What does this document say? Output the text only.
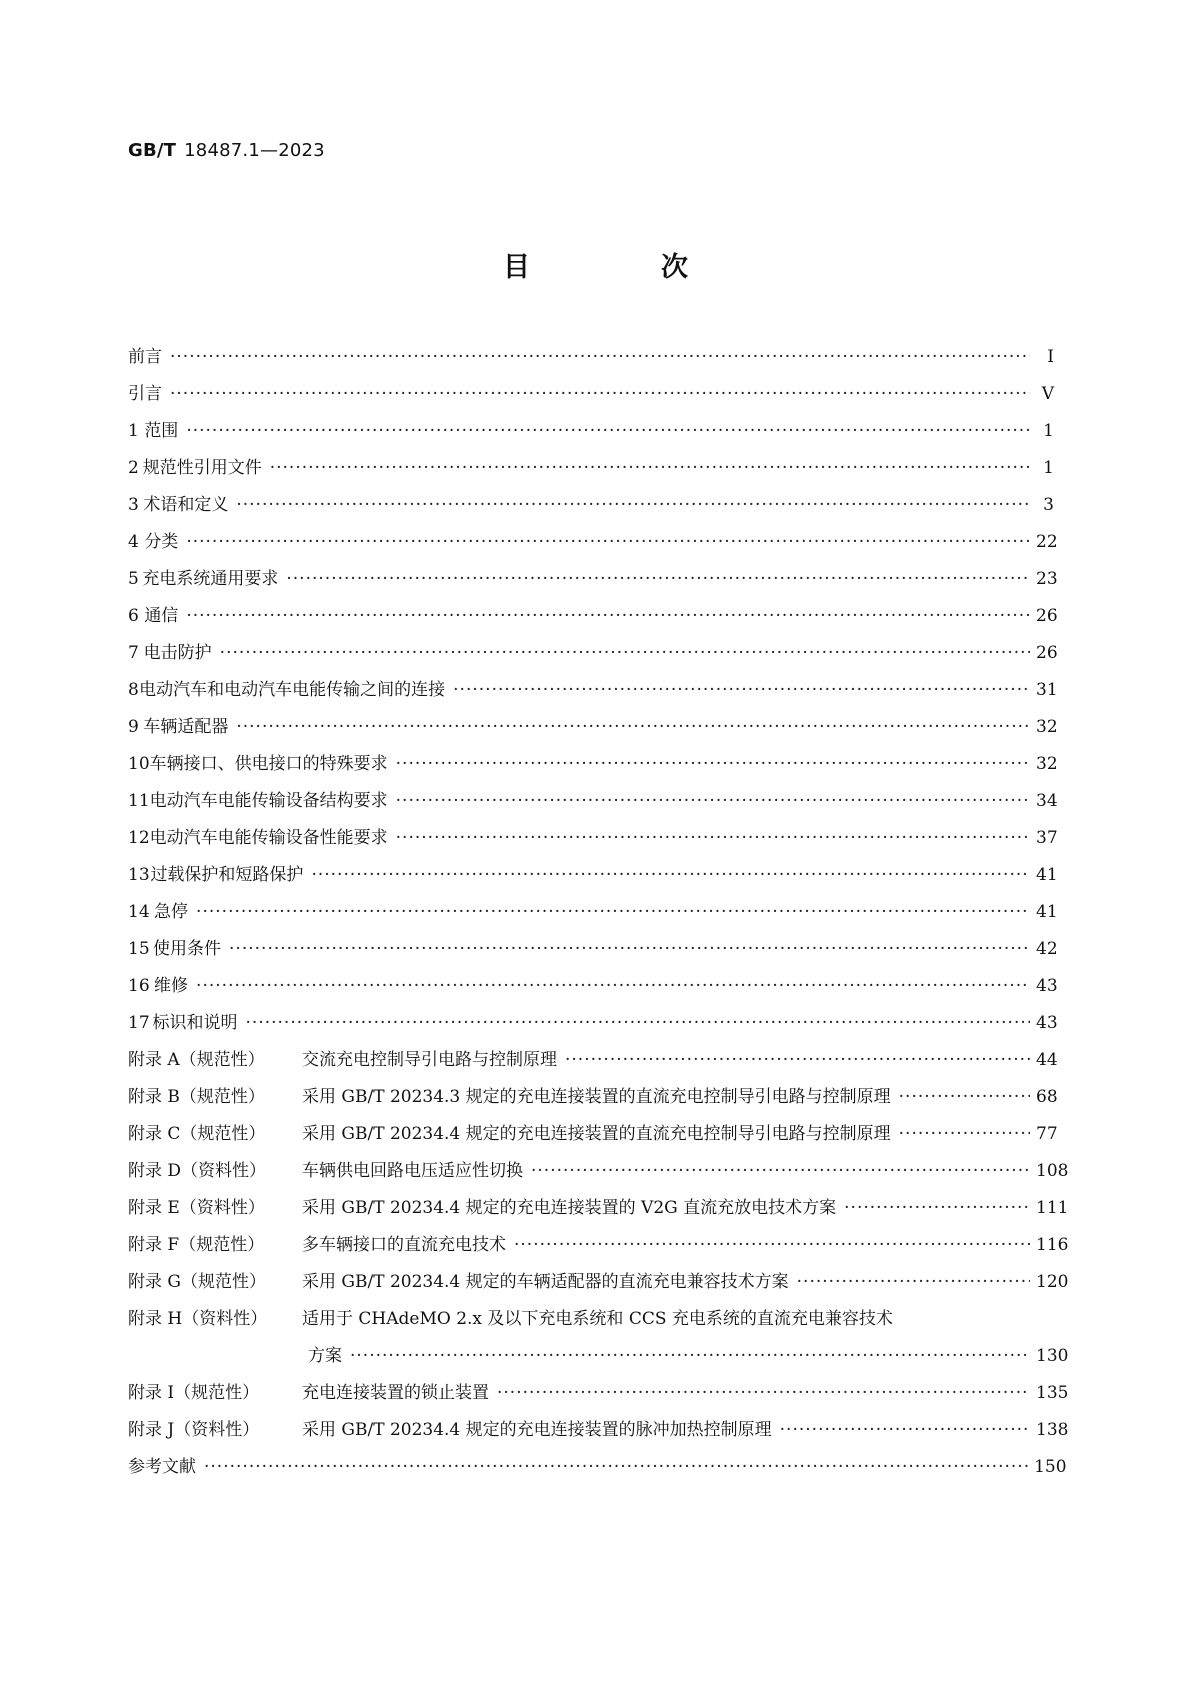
GB/T 18487.1—2023
目　次
前言 ·····	Ⅰ
引言 ·····	Ⅴ
1 范围 ·····	1
2 规范性引用文件 ·····	1
3 术语和定义 ·····	3
4 分类 ·····	22
5 充电系统通用要求 ·····	23
6 通信 ·····	26
7 电击防护 ·····	26
8 电动汽车和电动汽车电能传输之间的连接 ·····	31
9 车辆适配器 ·····	32
10 车辆接口、供电接口的特殊要求 ·····	32
11 电动汽车电能传输设备结构要求 ·····	34
12 电动汽车电能传输设备性能要求 ·····	37
13 过载保护和短路保护 ·····	41
14 急停 ·····	41
15 使用条件 ·····	42
16 维修 ·····	43
17 标识和说明 ·····	43
附录 A（规范性）	交流充电控制导引电路与控制原理 ·····	44
附录 B（规范性）	采用 GB/T 20234.3 规定的充电连接装置的直流充电控制导引电路与控制原理 ·····	68
附录 C（规范性）	采用 GB/T 20234.4 规定的充电连接装置的直流充电控制导引电路与控制原理 ·····	77
附录 D（资料性）	车辆供电回路电压适应性切换 ·····	108
附录 E（资料性）	采用 GB/T 20234.4 规定的充电连接装置的 V2G 直流充放电技术方案 ·····	111
附录 F（规范性）	多车辆接口的直流充电技术 ·····	116
附录 G（规范性）	采用 GB/T 20234.4 规定的车辆适配器的直流充电兼容技术方案 ·····	120
附录 H（资料性）	适用于 CHAdeMO 2.x 及以下充电系统和 CCS 充电系统的直流充电兼容技术
方案 ·····	130
附录 I（规范性）	充电连接装置的锁止装置 ·····	135
附录 J（资料性）	采用 GB/T 20234.4 规定的充电连接装置的脉冲加热控制原理 ·····	138
参考文献 ·····	150
